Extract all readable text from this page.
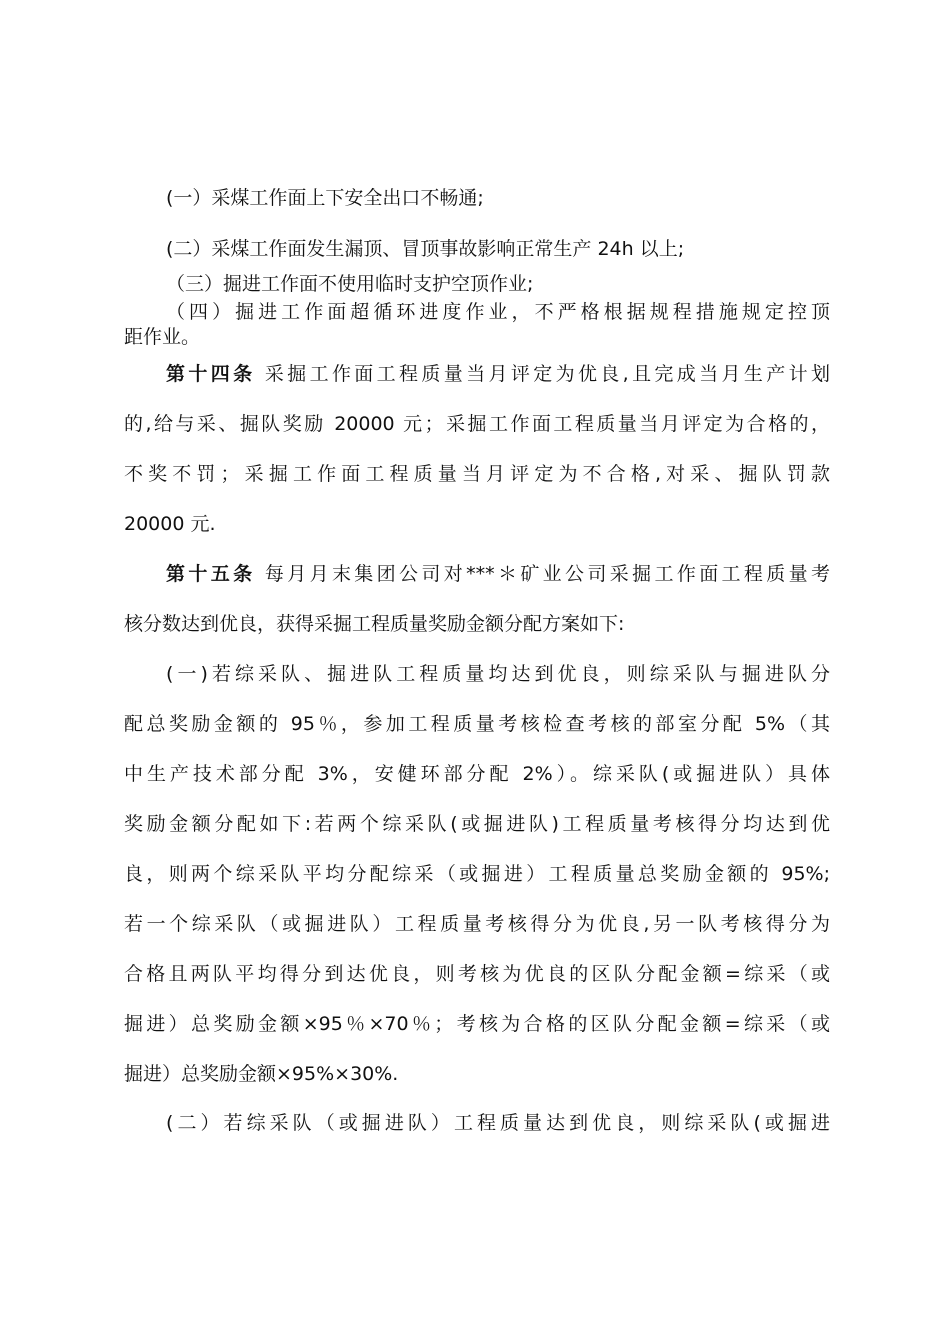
(一）采煤工作面上下安全出口不畅通;
(二）采煤工作面发生漏顶、冒顶事故影响正常生产 24h 以上;
（三）掘进工作面不使用临时支护空顶作业;
（四）掘进工作面超循环进度作业，不严格根据规程措施规定控顶
距作业。
第十四条 采掘工作面工程质量当月评定为优良,且完成当月生产计划
的,给与采、掘队奖励 20000 元；采掘工作面工程质量当月评定为合格的，
不奖不罚；采掘工作面工程质量当月评定为不合格,对采、掘队罚款
20000 元.
第十五条 每月月末集团公司对***＊矿业公司采掘工作面工程质量考
核分数达到优良，获得采掘工程质量奖励金额分配方案如下:
(一)若综采队、掘进队工程质量均达到优良，则综采队与掘进队分
配总奖励金额的 95％，参加工程质量考核检查考核的部室分配 5%（其
中生产技术部分配 3%，安健环部分配 2%）。综采队(或掘进队）具体
奖励金额分配如下:若两个综采队(或掘进队)工程质量考核得分均达到优
良，则两个综采队平均分配综采（或掘进）工程质量总奖励金额的 95%;
若一个综采队（或掘进队）工程质量考核得分为优良,另一队考核得分为
合格且两队平均得分到达优良，则考核为优良的区队分配金额=综采（或
掘进）总奖励金额×95％×70％；考核为合格的区队分配金额=综采（或
掘进）总奖励金额×95%×30%.
(二）若综采队（或掘进队）工程质量达到优良，则综采队(或掘进
